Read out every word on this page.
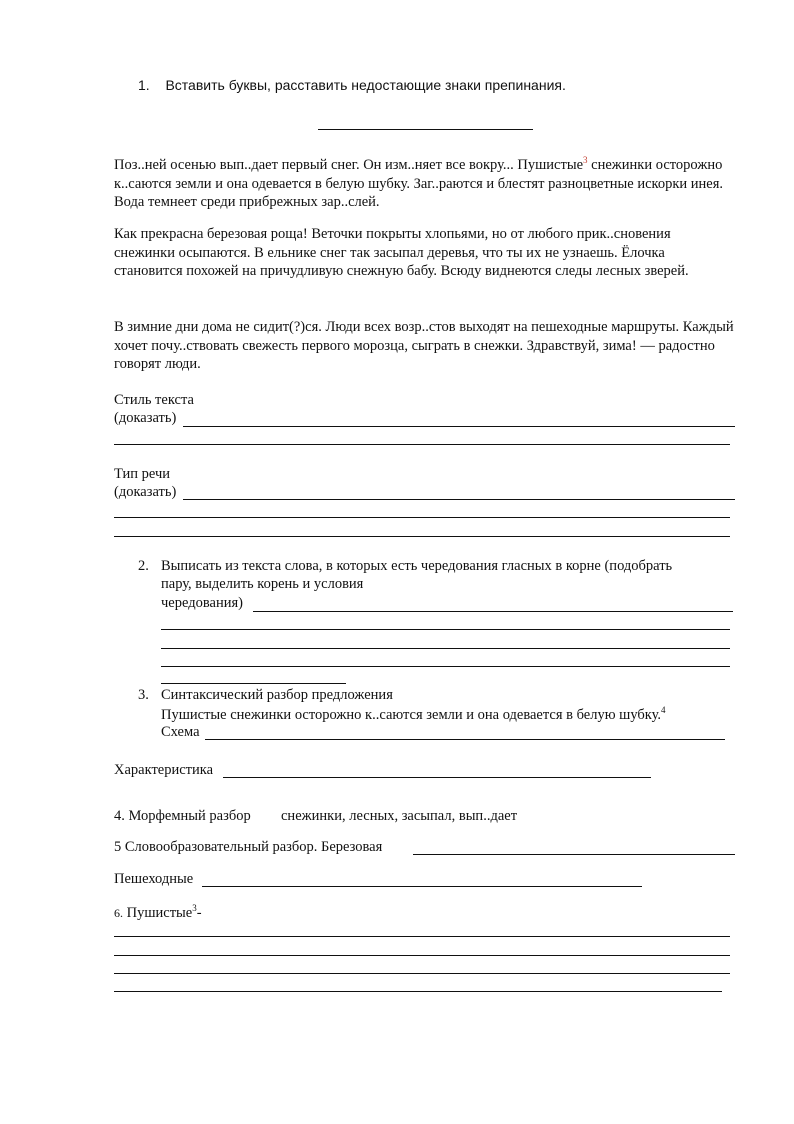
1. Вставить буквы, расставить недостающие знаки препинания.

Поз..ней осенью вып..дает первый снег. Он изм..няет все вокру... Пушистые$^3$ снежинки осторожно к..саются земли и она одевается в белую шубку. Заг..раются и блестят разноцветные искорки инея. Вода темнеет среди прибрежных зар..слей.

Как прекрасна березовая роща! Веточки покрыты хлопьями, но от любого прик..сновения снежинки осыпаются. В ельнике снег так засыпал деревья, что ты их не узнаешь. Ёлочка становится похожей на причудливую снежную бабу. Всюду виднеются следы лесных зверей.

В зимние дни дома не сидит(?)ся. Люди всех возр..стов выходят на пешеходные маршруты. Каждый хочет почу..ствовать свежесть первого морозца, сыграть в снежки. Здравствуй, зима! — радостно говорят люди.

Стиль текста
(доказать)
Тип речи
(доказать)
2. Выписать из текста слова, в которых есть чередования гласных в корне (подобрать
пару, выделить корень и условия
чередования)
3. Синтаксический разбор предложения
Пушистые снежинки осторожно к..саются земли и она одевается в белую шубку.$^4$
Схема
Характеристика
4. Морфемный разбор снежинки, лесных, засыпал, вып..дает
5 Словообразовательный разбор. Березовая
Пешеходные
6. Пушистые$^3$-
